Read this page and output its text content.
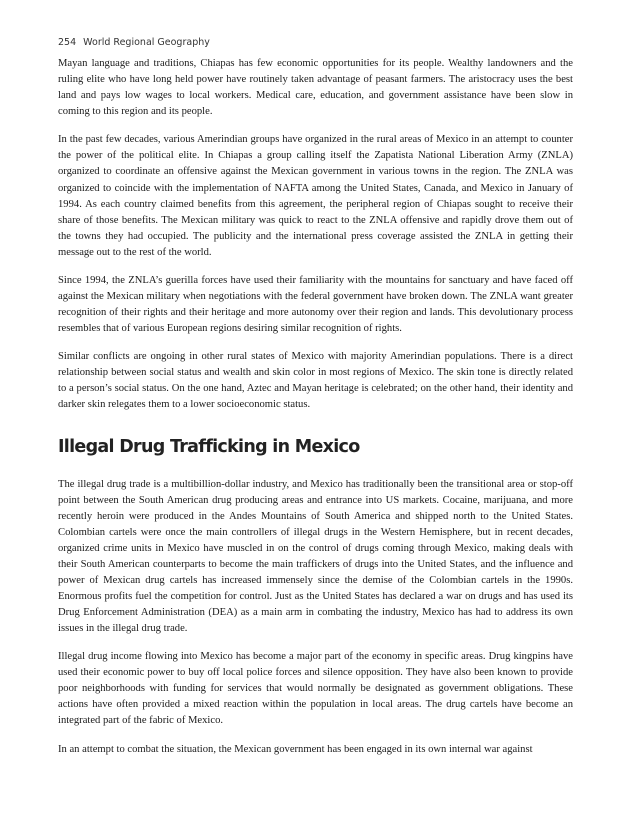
254 World Regional Geography

Mayan language and traditions, Chiapas has few economic opportunities for its people. Wealthy landowners and the ruling elite who have long held power have routinely taken advantage of peasant farmers. The aristocracy uses the best land and pays low wages to local workers. Medical care, education, and government assistance have been slow in coming to this region and its people.

In the past few decades, various Amerindian groups have organized in the rural areas of Mexico in an attempt to counter the power of the political elite. In Chiapas a group calling itself the Zapatista National Liberation Army (ZNLA) organized to coordinate an offensive against the Mexican government in various towns in the region. The ZNLA was organized to coincide with the implementation of NAFTA among the United States, Canada, and Mexico in January of 1994. As each country claimed benefits from this agreement, the peripheral region of Chiapas sought to receive their share of those benefits. The Mexican military was quick to react to the ZNLA offensive and rapidly drove them out of the towns they had occupied. The publicity and the international press coverage assisted the ZNLA in getting their message out to the rest of the world.

Since 1994, the ZNLA’s guerilla forces have used their familiarity with the mountains for sanctuary and have faced off against the Mexican military when negotiations with the federal government have broken down. The ZNLA want greater recognition of their rights and their heritage and more autonomy over their region and lands. This devolutionary process resembles that of various European regions desiring similar recognition of rights.

Similar conflicts are ongoing in other rural states of Mexico with majority Amerindian populations. There is a direct relationship between social status and wealth and skin color in most regions of Mexico. The skin tone is directly related to a person’s social status. On the one hand, Aztec and Mayan heritage is celebrated; on the other hand, their identity and darker skin relegates them to a lower socioeconomic status.

Illegal Drug Trafficking in Mexico

The illegal drug trade is a multibillion-dollar industry, and Mexico has traditionally been the transitional area or stop-off point between the South American drug producing areas and entrance into US markets. Cocaine, marijuana, and more recently heroin were produced in the Andes Mountains of South America and shipped north to the United States. Colombian cartels were once the main controllers of illegal drugs in the Western Hemisphere, but in recent decades, organized crime units in Mexico have muscled in on the control of drugs coming through Mexico, making deals with their South American counterparts to become the main traffickers of drugs into the United States, and the influence and power of Mexican drug cartels has increased immensely since the demise of the Colombian cartels in the 1990s. Enormous profits fuel the competition for control. Just as the United States has declared a war on drugs and has used its Drug Enforcement Administration (DEA) as a main arm in combating the industry, Mexico has had to address its own issues in the illegal drug trade.

Illegal drug income flowing into Mexico has become a major part of the economy in specific areas. Drug kingpins have used their economic power to buy off local police forces and silence opposition. They have also been known to provide poor neighborhoods with funding for services that would normally be designated as government obligations. These actions have often provided a mixed reaction within the population in local areas. The drug cartels have become an integrated part of the fabric of Mexico.

In an attempt to combat the situation, the Mexican government has been engaged in its own internal war against
